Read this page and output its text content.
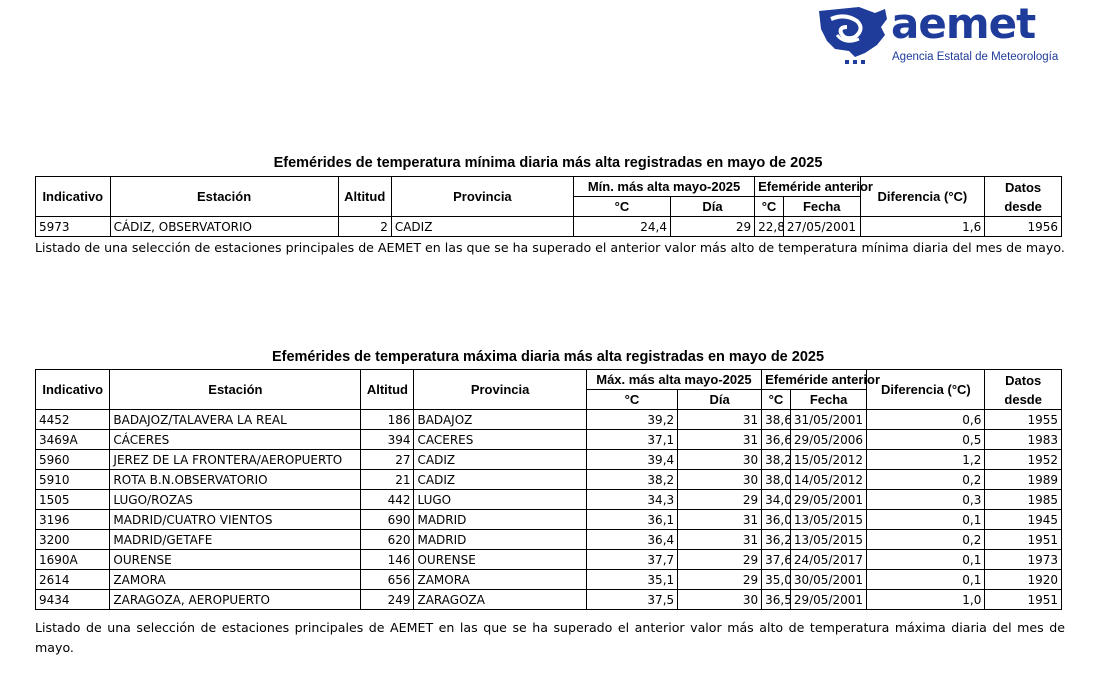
aemet
Agencia Estatal de Meteorología
Efemérides de temperatura mínima diaria más alta registradas en mayo de 2025
Indicativo	Estación	Altitud	Provincia	Mín. más alta mayo-2025		Efeméride anterior		Diferencia (°C)	Datos desde
				°C	Día	°C	Fecha		
5973	CÁDIZ, OBSERVATORIO	2	CADIZ	24,4	29	22,8	27/05/2001	1,6	1956
Listado de una selección de estaciones principales de AEMET en las que se ha superado el anterior valor más alto de temperatura mínima diaria del mes de mayo.
Efemérides de temperatura máxima diaria más alta registradas en mayo de 2025
Indicativo	Estación	Altitud	Provincia	Máx. más alta mayo-2025		Efeméride anterior		Diferencia (°C)	Datos desde
				°C	Día	°C	Fecha		
4452	BADAJOZ/TALAVERA LA REAL	186	BADAJOZ	39,2	31	38,6	31/05/2001	0,6	1955
3469A	CÁCERES	394	CACERES	37,1	31	36,6	29/05/2006	0,5	1983
5960	JEREZ DE LA FRONTERA/AEROPUERTO	27	CADIZ	39,4	30	38,2	15/05/2012	1,2	1952
5910	ROTA B.N.OBSERVATORIO	21	CADIZ	38,2	30	38,0	14/05/2012	0,2	1989
1505	LUGO/ROZAS	442	LUGO	34,3	29	34,0	29/05/2001	0,3	1985
3196	MADRID/CUATRO VIENTOS	690	MADRID	36,1	31	36,0	13/05/2015	0,1	1945
3200	MADRID/GETAFE	620	MADRID	36,4	31	36,2	13/05/2015	0,2	1951
1690A	OURENSE	146	OURENSE	37,7	29	37,6	24/05/2017	0,1	1973
2614	ZAMORA	656	ZAMORA	35,1	29	35,0	30/05/2001	0,1	1920
9434	ZARAGOZA, AEROPUERTO	249	ZARAGOZA	37,5	30	36,5	29/05/2001	1,0	1951
Listado de una selección de estaciones principales de AEMET en las que se ha superado el anterior valor más alto de temperatura máxima diaria del mes de mayo.
